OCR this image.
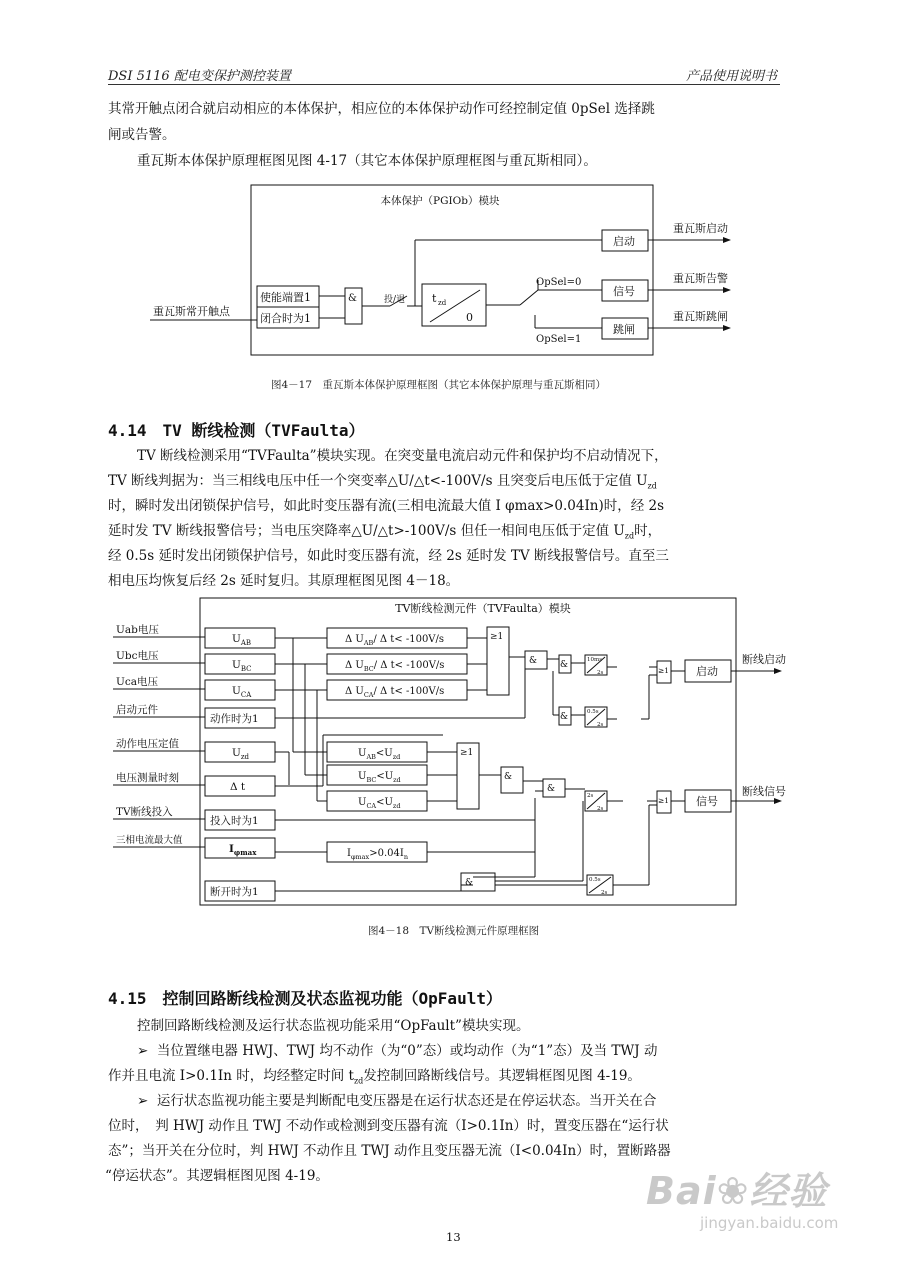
DSI 5116 配电变保护测控装置	产品使用说明书
其常开触点闭合就启动相应的本体保护，相应位的本体保护动作可经控制定值 0pSel 选择跳
闸或告警。
重瓦斯本体保护原理框图见图 4-17（其它本体保护原理框图与重瓦斯相同）。
本体保护（PGIOb）模块
重瓦斯常开触点
使能端置1
闭合时为1
&	投/退 t zd
0
启动
重瓦斯启动
OpSel=0
OpSel=1
信号
跳闸
重瓦斯告警
重瓦斯跳闸
图4－17　重瓦斯本体保护原理框图（其它本体保护原理与重瓦斯相同）
4.14　TV 断线检测（TVFaulta）
TV 断线检测采用“TVFaulta”模块实现。在突变量电流启动元件和保护均不启动情况下，
TV 断线判据为：当三相线电压中任一个突变率△U/△t<-100V/s 且突变后电压低于定值 $U_{zd}$
时，瞬时发出闭锁保护信号，如此时变压器有流(三相电流最大值 I φmax>0.04In)时，经 2s
延时发 TV 断线报警信号；当电压突降率△U/△t>-100V/s 但任一相间电压低于定值 $U_{zd}$时，
经 0.5s 延时发出闭锁保护信号，如此时变压器有流，经 2s 延时发 TV 断线报警信号。直至三
相电压均恢复后经 2s 延时复归。其原理框图见图 4－18。
TV断线检测元件（TVFaulta）模块
Uab电压
Ubc电压
Uca电压
启动元件
动作电压定值
电压测量时刻
TV断线投入
三相电流最大值
$U_{AB}$
$U_{BC}$
$U_{CA}$
动作时为1
$U_{zd}$
Δ t
投入时为1
$I_{\varphi max}$
断开时为1
Δ $U_{AB}/$ Δ t< -100V/s
Δ $U_{BC}/$ Δ t< -100V/s
Δ $U_{CA}/$ Δ t< -100V/s
$U_{AB}<U_{zd}$
$U_{BC}<U_{zd}$
$U_{CA}<U_{zd}$
$I_{\varphi max}>0.04I_n$
≥1
≥1
&
&	&
&
&
&
≥1
≥1
10ms
2s
0.5s
2s
2s
2s
0.5s
2s
启动
信号
断线启动
断线信号
图4－18　TV断线检测元件原理框图
4.15　控制回路断线检测及状态监视功能（OpFault）
控制回路断线检测及运行状态监视功能采用“OpFault”模块实现。
➢ 当位置继电器 HWJ、TWJ 均不动作（为“0”态）或均动作（为“1”态）及当 TWJ 动
作并且电流 I>0.1In 时，均经整定时间 $t_{zd}$发控制回路断线信号。其逻辑框图见图 4-19。
➢ 运行状态监视功能主要是判断配电变压器是在运行状态还是在停运状态。当开关在合
位时，　判 HWJ 动作且 TWJ 不动作或检测到变压器有流（I>0.1In）时，置变压器在“运行状
态”；当开关在分位时，判 HWJ 不动作且 TWJ 动作且变压器无流（I<0.04In）时，置断路器
“停运状态”。其逻辑框图见图 4-19。
13
Bai❀经验
jingyan.baidu.com
